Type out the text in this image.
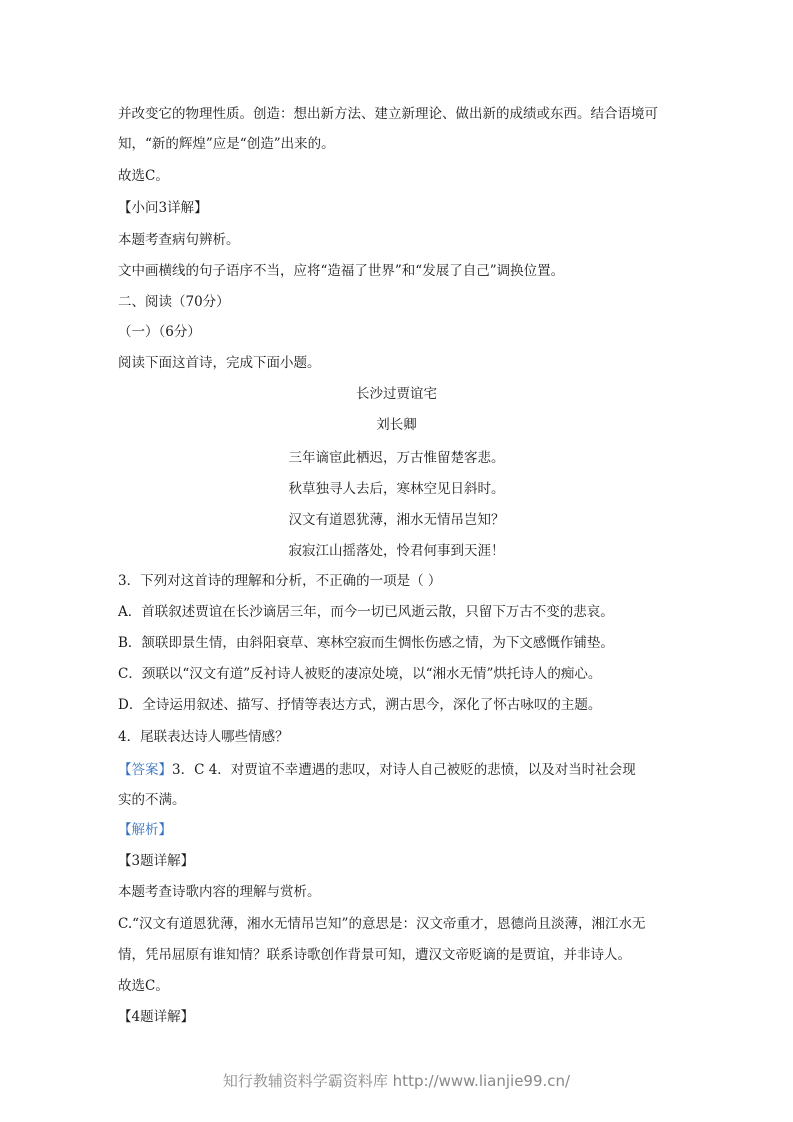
并改变它的物理性质。创造：想出新方法、建立新理论、做出新的成绩或东西。结合语境可
知，“新的辉煌”应是“创造”出来的。
故选C。
【小问3详解】
本题考查病句辨析。
文中画横线的句子语序不当，应将“造福了世界”和“发展了自己”调换位置。
二、阅读（70分）
（一）（6分）
阅读下面这首诗，完成下面小题。
长沙过贾谊宅
刘长卿
三年谪宦此栖迟，万古惟留楚客悲。
秋草独寻人去后，寒林空见日斜时。
汉文有道恩犹薄，湘水无情吊岂知？
寂寂江山摇落处，怜君何事到天涯！
3．下列对这首诗的理解和分析，不正确的一项是（ ）
A．首联叙述贾谊在长沙谪居三年，而今一切已风逝云散，只留下万古不变的悲哀。
B．颔联即景生情，由斜阳衰草、寒林空寂而生惆怅伤感之情，为下文感慨作铺垫。
C．颈联以“汉文有道”反衬诗人被贬的凄凉处境，以“湘水无情”烘托诗人的痴心。
D．全诗运用叙述、描写、抒情等表达方式，溯古思今，深化了怀古咏叹的主题。
4．尾联表达诗人哪些情感？
【答案】3．C 4．对贾谊不幸遭遇的悲叹，对诗人自己被贬的悲愤，以及对当时社会现
实的不满。
【解析】
【3题详解】
本题考查诗歌内容的理解与赏析。
C.“汉文有道恩犹薄，湘水无情吊岂知”的意思是：汉文帝重才，恩德尚且淡薄，湘江水无
情，凭吊屈原有谁知情？联系诗歌创作背景可知，遭汉文帝贬谪的是贾谊，并非诗人。
故选C。
【4题详解】
知行教辅资料学霸资料库 http://www.lianjie99.cn/
